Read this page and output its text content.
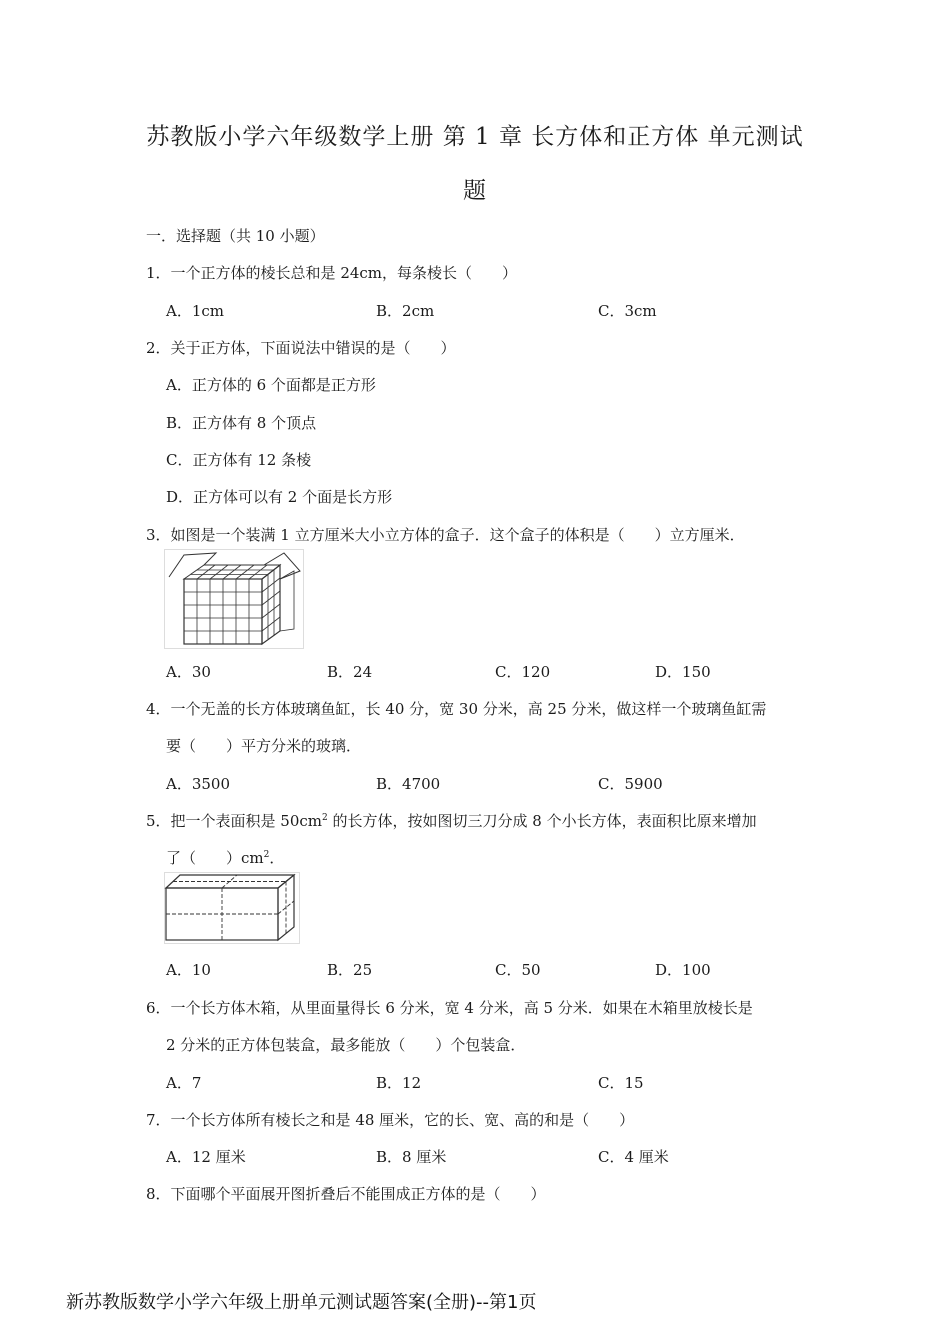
苏教版小学六年级数学上册 第 1 章 长方体和正方体 单元测试
题

一．选择题（共 10 小题）

1．一个正方体的棱长总和是 24cm，每条棱长（　　）

A．1cm	B．2cm	C．3cm

2．关于正方体，下面说法中错误的是（　　）

A．正方体的 6 个面都是正方形
B．正方体有 8 个顶点
C．正方体有 12 条棱
D．正方体可以有 2 个面是长方形

3．如图是一个装满 1 立方厘米大小立方体的盒子．这个盒子的体积是（　　）立方厘米．

A．30	B．24	C．120	D．150

4．一个无盖的长方体玻璃鱼缸，长 40 分，宽 30 分米，高 25 分米，做这样一个玻璃鱼缸需

要（　　）平方分米的玻璃．

A．3500	B．4700	C．5900

5．把一个表面积是 $50cm^2$ 的长方体，按如图切三刀分成 8 个小长方体，表面积比原来增加

了（　　）$cm^2$．

A．10	B．25	C．50	D．100

6．一个长方体木箱，从里面量得长 6 分米，宽 4 分米，高 5 分米．如果在木箱里放棱长是

2 分米的正方体包装盒，最多能放（　　）个包装盒．

A．7	B．12	C．15

7．一个长方体所有棱长之和是 48 厘米，它的长、宽、高的和是（　　）

A．12 厘米	B．8 厘米	C．4 厘米

8．下面哪个平面展开图折叠后不能围成正方体的是（　　）

新苏教版数学小学六年级上册单元测试题答案(全册)--第1页
